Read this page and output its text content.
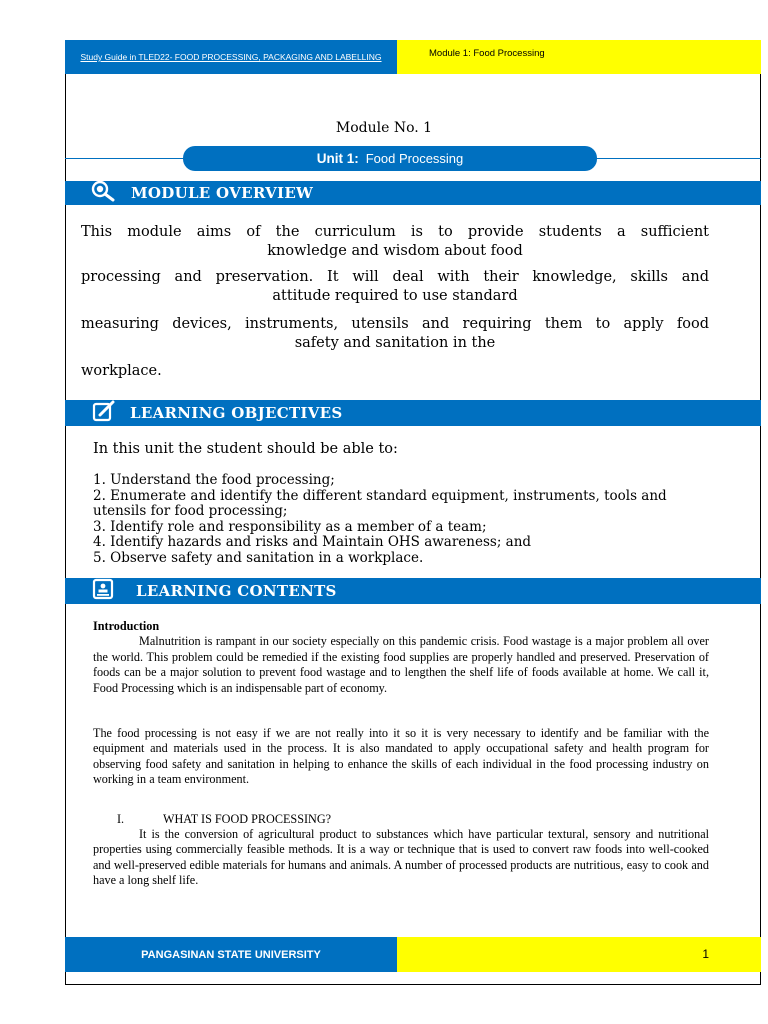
Study Guide in TLED22- FOOD PROCESSING, PACKAGING AND LABELLING	Module 1: Food Processing
Module No. 1
Unit 1: Food Processing
MODULE OVERVIEW
This module aims of the curriculum is to provide students a sufficient
knowledge and wisdom about food
processing and preservation. It will deal with their knowledge, skills and
attitude required to use standard
measuring devices, instruments, utensils and requiring them to apply food
safety and sanitation in the
workplace.
LEARNING OBJECTIVES
In this unit the student should be able to:
1. Understand the food processing;
2. Enumerate and identify the different standard equipment, instruments, tools and utensils for food processing;
3. Identify role and responsibility as a member of a team;
4. Identify hazards and risks and Maintain OHS awareness; and
5. Observe safety and sanitation in a workplace.
LEARNING CONTENTS
Introduction
Malnutrition is rampant in our society especially on this pandemic crisis. Food wastage is a major problem all over the world. This problem could be remedied if the existing food supplies are properly handled and preserved. Preservation of foods can be a major solution to prevent food wastage and to lengthen the shelf life of foods available at home. We call it, Food Processing which is an indispensable part of economy.
The food processing is not easy if we are not really into it so it is very necessary to identify and be familiar with the equipment and materials used in the process. It is also mandated to apply occupational safety and health program for observing food safety and sanitation in helping to enhance the skills of each individual in the food processing industry on working in a team environment.
I.	WHAT IS FOOD PROCESSING?
It is the conversion of agricultural product to substances which have particular textural, sensory and nutritional properties using commercially feasible methods. It is a way or technique that is used to convert raw foods into well-cooked and well-preserved edible materials for humans and animals. A number of processed products are nutritious, easy to cook and have a long shelf life.
PANGASINAN STATE UNIVERSITY	1
